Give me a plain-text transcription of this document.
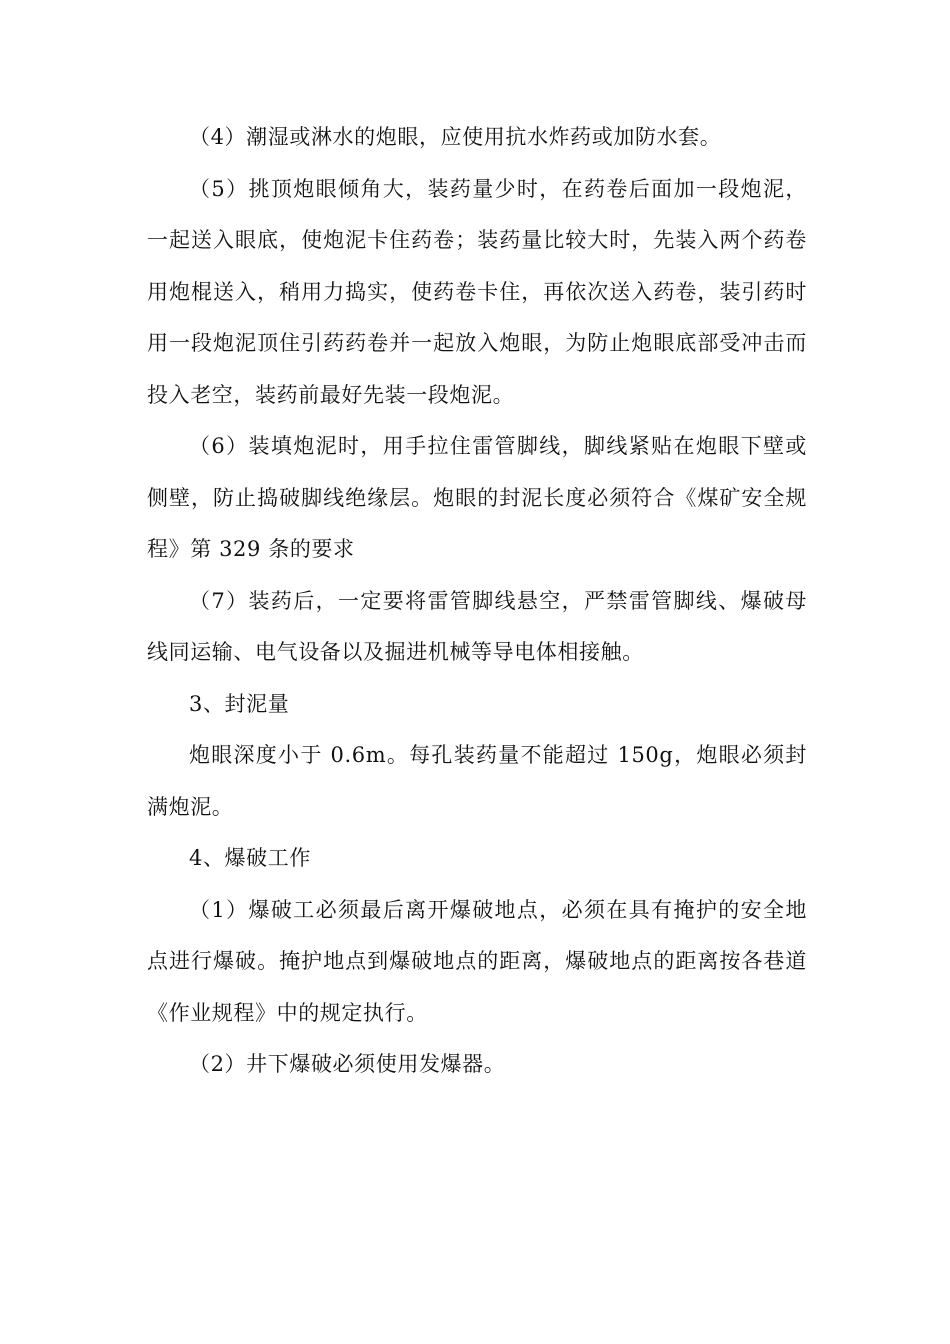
（4）潮湿或淋水的炮眼，应使用抗水炸药或加防水套。

（5）挑顶炮眼倾角大，装药量少时，在药卷后面加一段炮泥，一起送入眼底，使炮泥卡住药卷；装药量比较大时，先装入两个药卷用炮棍送入，稍用力捣实，使药卷卡住，再依次送入药卷，装引药时用一段炮泥顶住引药药卷并一起放入炮眼，为防止炮眼底部受冲击而投入老空，装药前最好先装一段炮泥。

（6）装填炮泥时，用手拉住雷管脚线，脚线紧贴在炮眼下壁或侧壁，防止捣破脚线绝缘层。炮眼的封泥长度必须符合《煤矿安全规程》第 329 条的要求

（7）装药后，一定要将雷管脚线悬空，严禁雷管脚线、爆破母线同运输、电气设备以及掘进机械等导电体相接触。

3、封泥量

炮眼深度小于 0.6m。每孔装药量不能超过 150g，炮眼必须封满炮泥。

4、爆破工作

（1）爆破工必须最后离开爆破地点，必须在具有掩护的安全地点进行爆破。掩护地点到爆破地点的距离，爆破地点的距离按各巷道《作业规程》中的规定执行。

（2）井下爆破必须使用发爆器。
